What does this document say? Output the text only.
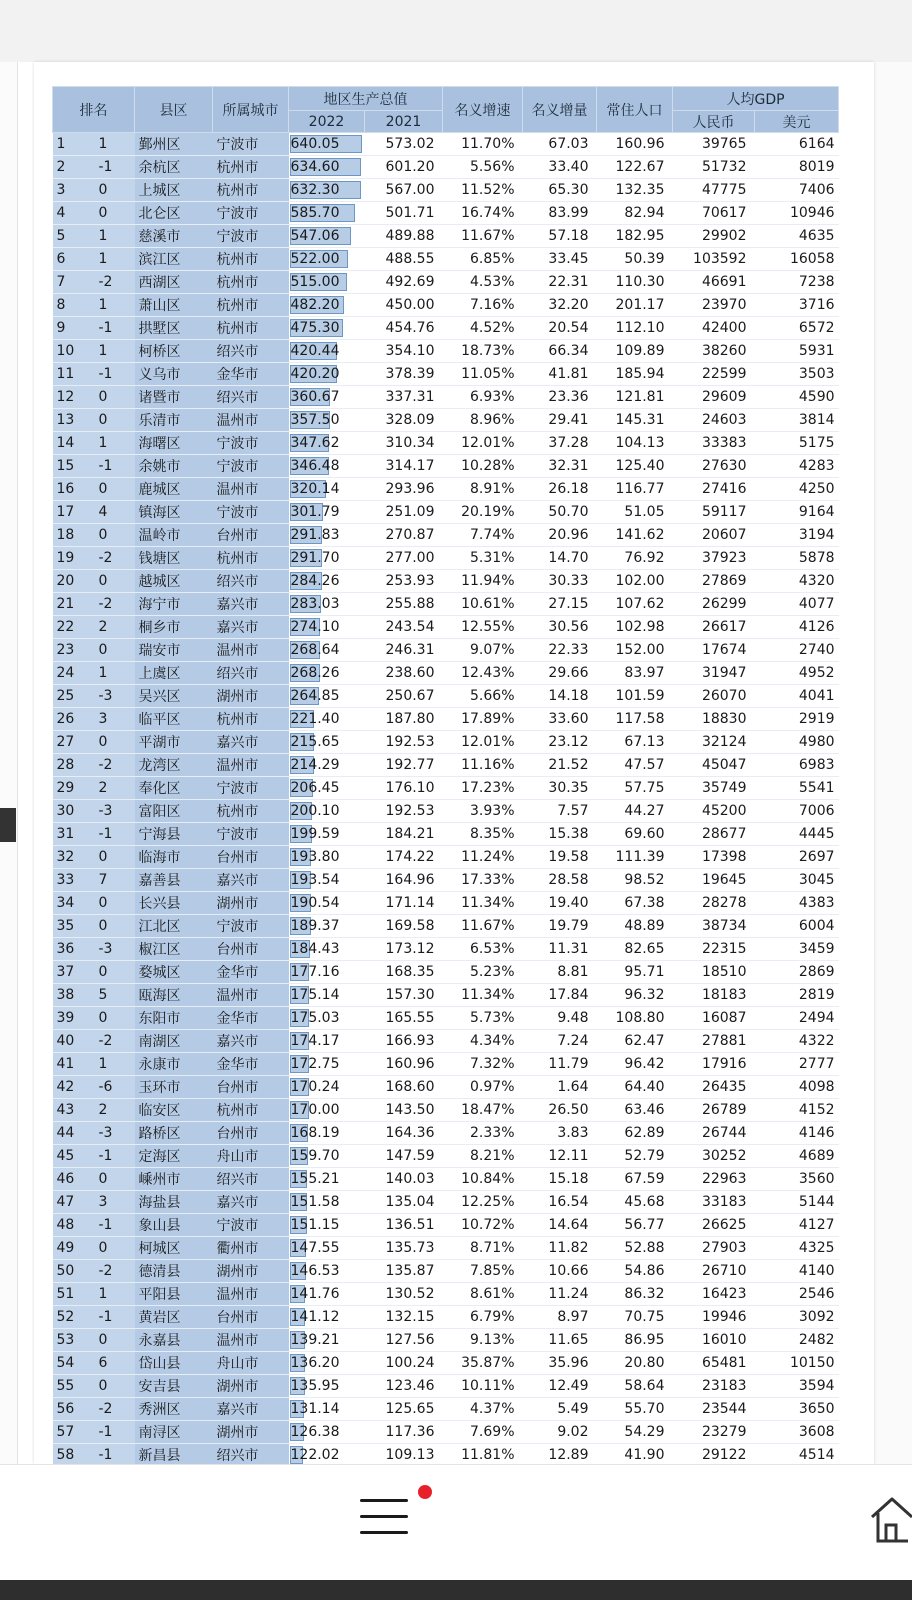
排名		县区	所属城市	地区生产总值		名义增速	名义增量	常住人口	人均GDP	
				2022	2021				人民币	美元
1	1	鄞州区	宁波市	640.05	573.02	11.70%	67.03	160.96	39765	6164
2	-1	余杭区	杭州市	634.60	601.20	5.56%	33.40	122.67	51732	8019
3	0	上城区	杭州市	632.30	567.00	11.52%	65.30	132.35	47775	7406
4	0	北仑区	宁波市	585.70	501.71	16.74%	83.99	82.94	70617	10946
5	1	慈溪市	宁波市	547.06	489.88	11.67%	57.18	182.95	29902	4635
6	1	滨江区	杭州市	522.00	488.55	6.85%	33.45	50.39	103592	16058
7	-2	西湖区	杭州市	515.00	492.69	4.53%	22.31	110.30	46691	7238
8	1	萧山区	杭州市	482.20	450.00	7.16%	32.20	201.17	23970	3716
9	-1	拱墅区	杭州市	475.30	454.76	4.52%	20.54	112.10	42400	6572
10	1	柯桥区	绍兴市	420.44	354.10	18.73%	66.34	109.89	38260	5931
11	-1	义乌市	金华市	420.20	378.39	11.05%	41.81	185.94	22599	3503
12	0	诸暨市	绍兴市	360.67	337.31	6.93%	23.36	121.81	29609	4590
13	0	乐清市	温州市	357.50	328.09	8.96%	29.41	145.31	24603	3814
14	1	海曙区	宁波市	347.62	310.34	12.01%	37.28	104.13	33383	5175
15	-1	余姚市	宁波市	346.48	314.17	10.28%	32.31	125.40	27630	4283
16	0	鹿城区	温州市	320.14	293.96	8.91%	26.18	116.77	27416	4250
17	4	镇海区	宁波市	301.79	251.09	20.19%	50.70	51.05	59117	9164
18	0	温岭市	台州市	291.83	270.87	7.74%	20.96	141.62	20607	3194
19	-2	钱塘区	杭州市	291.70	277.00	5.31%	14.70	76.92	37923	5878
20	0	越城区	绍兴市	284.26	253.93	11.94%	30.33	102.00	27869	4320
21	-2	海宁市	嘉兴市	283.03	255.88	10.61%	27.15	107.62	26299	4077
22	2	桐乡市	嘉兴市	274.10	243.54	12.55%	30.56	102.98	26617	4126
23	0	瑞安市	温州市	268.64	246.31	9.07%	22.33	152.00	17674	2740
24	1	上虞区	绍兴市	268.26	238.60	12.43%	29.66	83.97	31947	4952
25	-3	吴兴区	湖州市	264.85	250.67	5.66%	14.18	101.59	26070	4041
26	3	临平区	杭州市	221.40	187.80	17.89%	33.60	117.58	18830	2919
27	0	平湖市	嘉兴市	215.65	192.53	12.01%	23.12	67.13	32124	4980
28	-2	龙湾区	温州市	214.29	192.77	11.16%	21.52	47.57	45047	6983
29	2	奉化区	宁波市	206.45	176.10	17.23%	30.35	57.75	35749	5541
30	-3	富阳区	杭州市	200.10	192.53	3.93%	7.57	44.27	45200	7006
31	-1	宁海县	宁波市	199.59	184.21	8.35%	15.38	69.60	28677	4445
32	0	临海市	台州市	193.80	174.22	11.24%	19.58	111.39	17398	2697
33	7	嘉善县	嘉兴市	193.54	164.96	17.33%	28.58	98.52	19645	3045
34	0	长兴县	湖州市	190.54	171.14	11.34%	19.40	67.38	28278	4383
35	0	江北区	宁波市	189.37	169.58	11.67%	19.79	48.89	38734	6004
36	-3	椒江区	台州市	184.43	173.12	6.53%	11.31	82.65	22315	3459
37	0	婺城区	金华市	177.16	168.35	5.23%	8.81	95.71	18510	2869
38	5	瓯海区	温州市	175.14	157.30	11.34%	17.84	96.32	18183	2819
39	0	东阳市	金华市	175.03	165.55	5.73%	9.48	108.80	16087	2494
40	-2	南湖区	嘉兴市	174.17	166.93	4.34%	7.24	62.47	27881	4322
41	1	永康市	金华市	172.75	160.96	7.32%	11.79	96.42	17916	2777
42	-6	玉环市	台州市	170.24	168.60	0.97%	1.64	64.40	26435	4098
43	2	临安区	杭州市	170.00	143.50	18.47%	26.50	63.46	26789	4152
44	-3	路桥区	台州市	168.19	164.36	2.33%	3.83	62.89	26744	4146
45	-1	定海区	舟山市	159.70	147.59	8.21%	12.11	52.79	30252	4689
46	0	嵊州市	绍兴市	155.21	140.03	10.84%	15.18	67.59	22963	3560
47	3	海盐县	嘉兴市	151.58	135.04	12.25%	16.54	45.68	33183	5144
48	-1	象山县	宁波市	151.15	136.51	10.72%	14.64	56.77	26625	4127
49	0	柯城区	衢州市	147.55	135.73	8.71%	11.82	52.88	27903	4325
50	-2	德清县	湖州市	146.53	135.87	7.85%	10.66	54.86	26710	4140
51	1	平阳县	温州市	141.76	130.52	8.61%	11.24	86.32	16423	2546
52	-1	黄岩区	台州市	141.12	132.15	6.79%	8.97	70.75	19946	3092
53	0	永嘉县	温州市	139.21	127.56	9.13%	11.65	86.95	16010	2482
54	6	岱山县	舟山市	136.20	100.24	35.87%	35.96	20.80	65481	10150
55	0	安吉县	湖州市	135.95	123.46	10.11%	12.49	58.64	23183	3594
56	-2	秀洲区	嘉兴市	131.14	125.65	4.37%	5.49	55.70	23544	3650
57	-1	南浔区	湖州市	126.38	117.36	7.69%	9.02	54.29	23279	3608
58	-1	新昌县	绍兴市	122.02	109.13	11.81%	12.89	41.90	29122	4514
